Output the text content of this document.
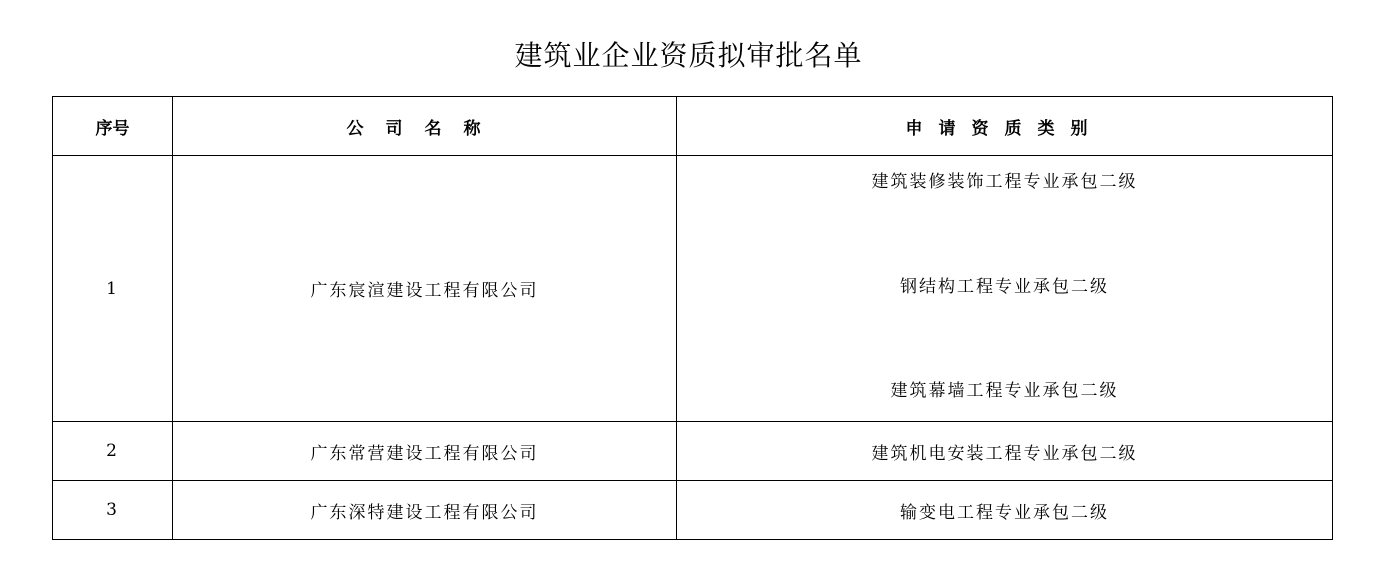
建筑业企业资质拟审批名单
序号	公司名称	申请资质类别
1	广东宸渲建设工程有限公司	建筑装修装饰工程专业承包二级
钢结构工程专业承包二级
建筑幕墙工程专业承包二级

2	广东常营建设工程有限公司	建筑机电安装工程专业承包二级
3	广东深特建设工程有限公司	输变电工程专业承包二级
